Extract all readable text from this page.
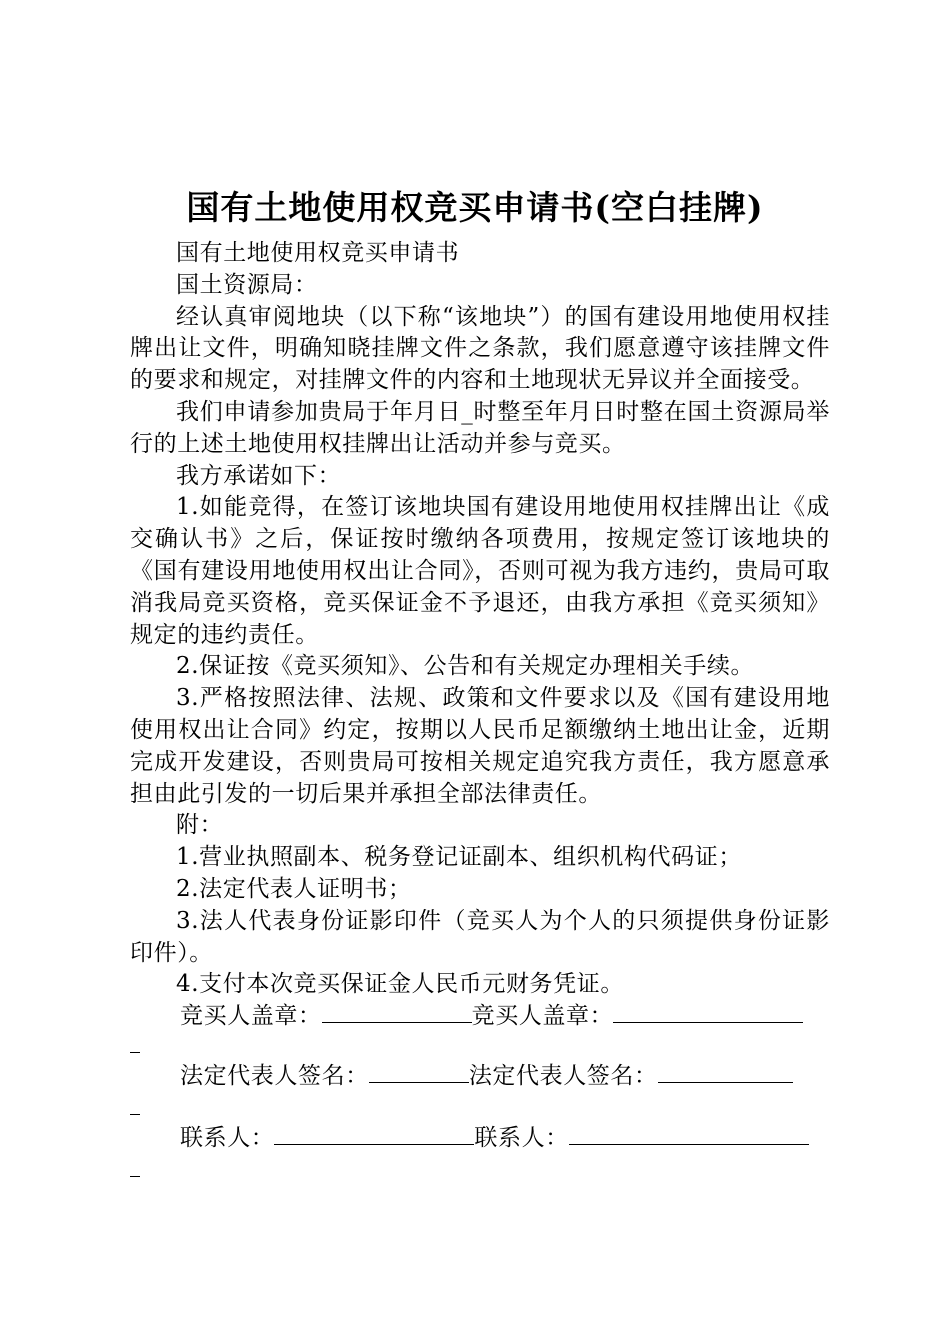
国有土地使用权竞买申请书(空白挂牌)

国有土地使用权竞买申请书

国土资源局：

经认真审阅地块（以下称“该地块”）的国有建设用地使用权挂牌出让文件，明确知晓挂牌文件之条款，我们愿意遵守该挂牌文件的要求和规定，对挂牌文件的内容和土地现状无异议并全面接受。

我们申请参加贵局于年月日_时整至年月日时整在国土资源局举行的上述土地使用权挂牌出让活动并参与竞买。

我方承诺如下：

1.如能竞得，在签订该地块国有建设用地使用权挂牌出让《成交确认书》之后，保证按时缴纳各项费用，按规定签订该地块的《国有建设用地使用权出让合同》，否则可视为我方违约，贵局可取消我局竞买资格，竞买保证金不予退还，由我方承担《竞买须知》规定的违约责任。

2.保证按《竞买须知》、公告和有关规定办理相关手续。

3.严格按照法律、法规、政策和文件要求以及《国有建设用地使用权出让合同》约定，按期以人民币足额缴纳土地出让金，近期完成开发建设，否则贵局可按相关规定追究我方责任，我方愿意承担由此引发的一切后果并承担全部法律责任。

附：

1.营业执照副本、税务登记证副本、组织机构代码证；

2.法定代表人证明书；

3.法人代表身份证影印件（竞买人为个人的只须提供身份证影印件）。

4.支付本次竞买保证金人民币元财务凭证。

竞买人盖章：	竞买人盖章：
法定代表人签名：	法定代表人签名：
联系人：	联系人：
